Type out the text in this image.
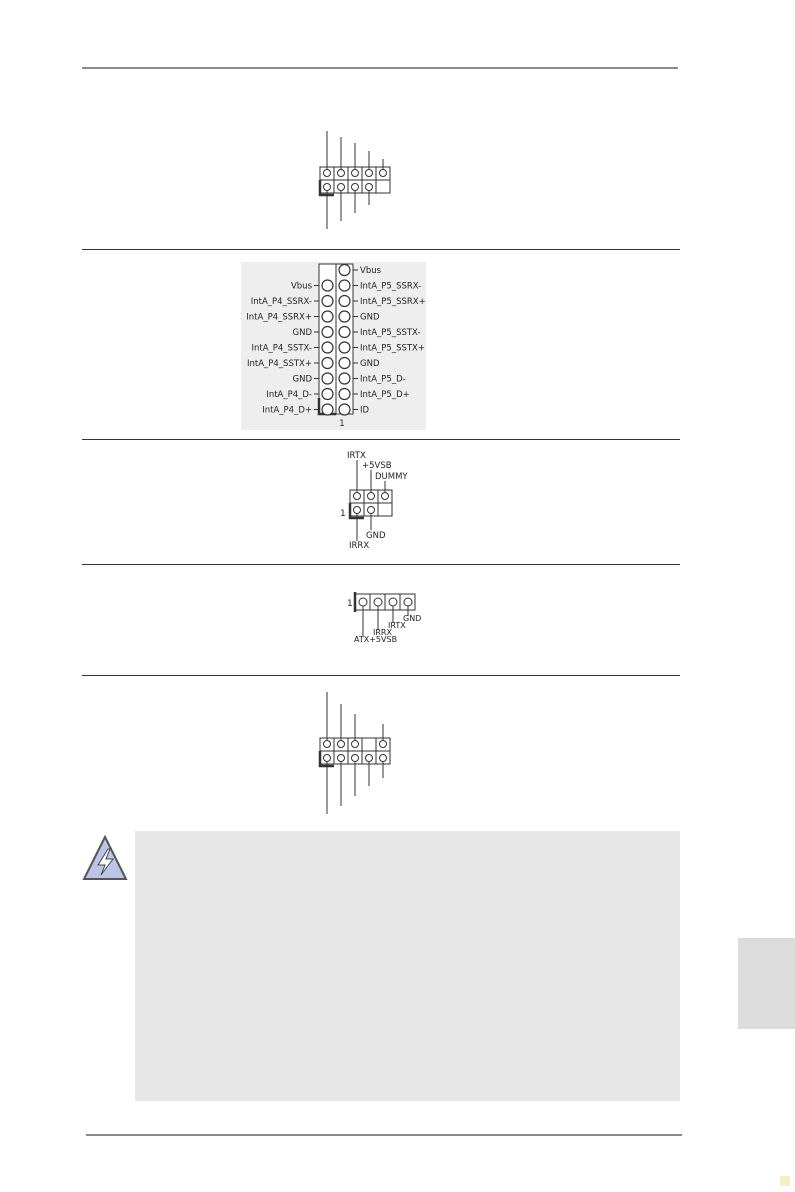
Vbus
IntA_P4_SSRX-
IntA_P4_SSRX+
GND
IntA_P4_SSTX-
IntA_P4_SSTX+
GND
IntA_P4_D-
IntA_P4_D+
Vbus
IntA_P5_SSRX-
IntA_P5_SSRX+
GND
IntA_P5_SSTX-
IntA_P5_SSTX+
GND
IntA_P5_D-
IntA_P5_D+
ID
1
IRTX
+5VSB
DUMMY
GND
IRRX
1
1
GND
IRTX
IRRX
ATX+5VSB
